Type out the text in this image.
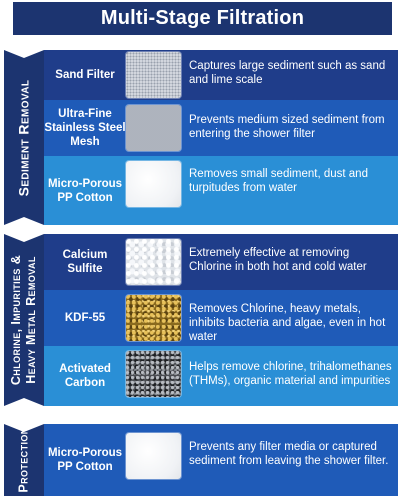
Multi-Stage Filtration
Sediment Removal
Sand Filter
Captures large sediment such as sand and lime scale
Ultra-Fine Stainless Steel Mesh
Prevents medium sized sediment from entering the shower filter
Micro-Porous PP Cotton
Removes small sediment, dust and turpitudes from water
Chlorine, Impurities & Heavy Metal Removal
Calcium Sulfite
Extremely effective at removing Chlorine in both hot and cold water
KDF-55
Removes Chlorine, heavy metals, inhibits bacteria and algae, even in hot water
Activated Carbon
Helps remove chlorine, trihalomethanes (THMs), organic material and impurities
Protection	Micro-Porous PP Cotton
Prevents any filter media or captured sediment from leaving the shower filter.
